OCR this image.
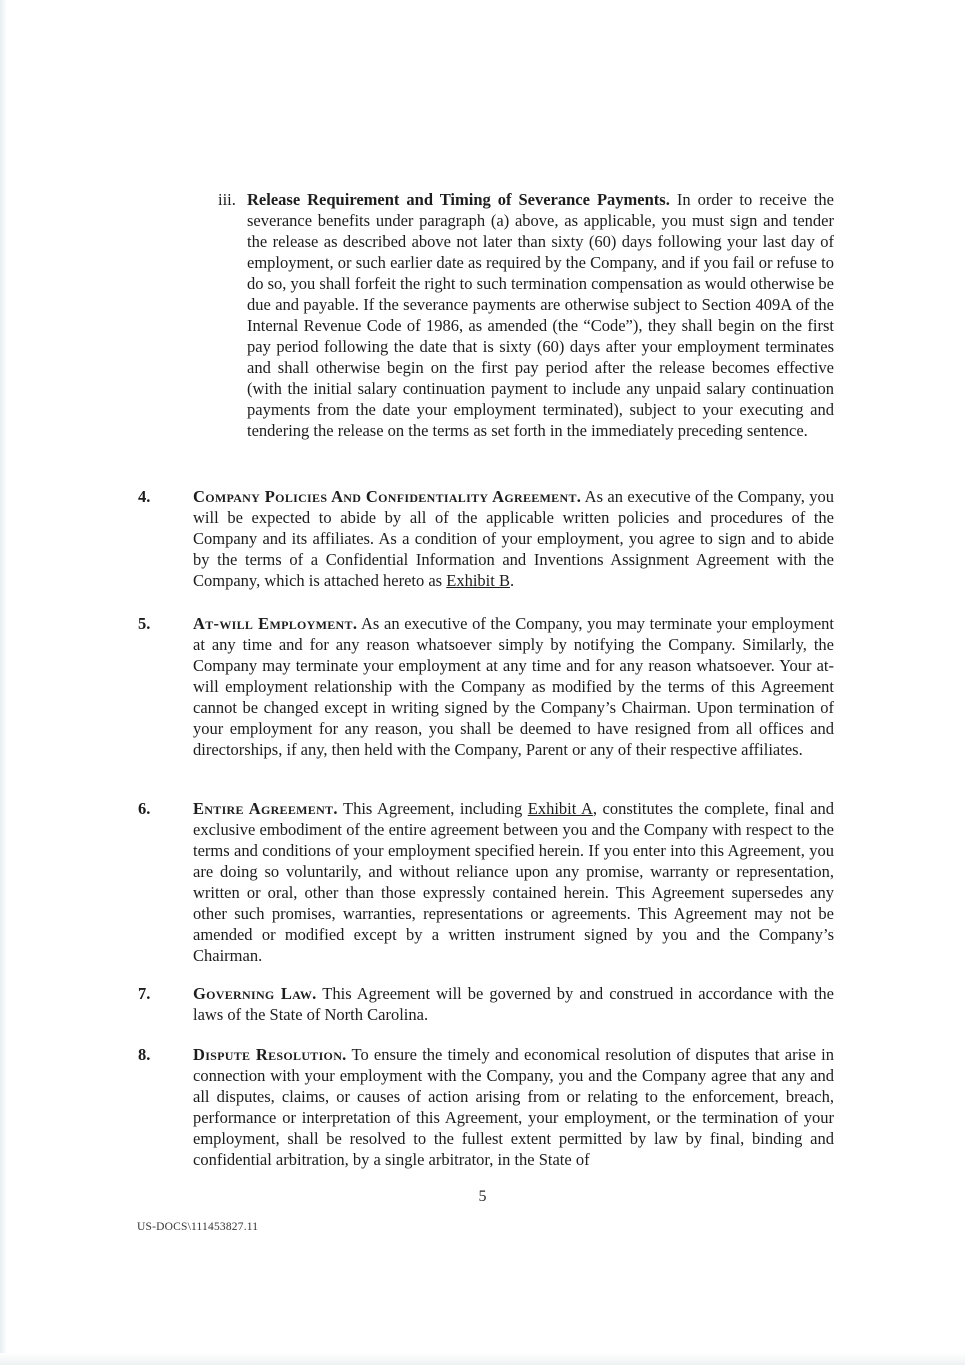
iii. Release Requirement and Timing of Severance Payments. In order to receive the severance benefits under paragraph (a) above, as applicable, you must sign and tender the release as described above not later than sixty (60) days following your last day of employment, or such earlier date as required by the Company, and if you fail or refuse to do so, you shall forfeit the right to such termination compensation as would otherwise be due and payable. If the severance payments are otherwise subject to Section 409A of the Internal Revenue Code of 1986, as amended (the “Code”), they shall begin on the first pay period following the date that is sixty (60) days after your employment terminates and shall otherwise begin on the first pay period after the release becomes effective (with the initial salary continuation payment to include any unpaid salary continuation payments from the date your employment terminated), subject to your executing and tendering the release on the terms as set forth in the immediately preceding sentence.
4.	Company Policies And Confidentiality Agreement. As an executive of the Company, you will be expected to abide by all of the applicable written policies and procedures of the Company and its affiliates. As a condition of your employment, you agree to sign and to abide by the terms of a Confidential Information and Inventions Assignment Agreement with the Company, which is attached hereto as Exhibit B.
5.	At-will Employment. As an executive of the Company, you may terminate your employment at any time and for any reason whatsoever simply by notifying the Company. Similarly, the Company may terminate your employment at any time and for any reason whatsoever. Your at-will employment relationship with the Company as modified by the terms of this Agreement cannot be changed except in writing signed by the Company’s Chairman. Upon termination of your employment for any reason, you shall be deemed to have resigned from all offices and directorships, if any, then held with the Company, Parent or any of their respective affiliates.
6.	Entire Agreement. This Agreement, including Exhibit A, constitutes the complete, final and exclusive embodiment of the entire agreement between you and the Company with respect to the terms and conditions of your employment specified herein. If you enter into this Agreement, you are doing so voluntarily, and without reliance upon any promise, warranty or representation, written or oral, other than those expressly contained herein. This Agreement supersedes any other such promises, warranties, representations or agreements. This Agreement may not be amended or modified except by a written instrument signed by you and the Company’s Chairman.
7.	Governing Law. This Agreement will be governed by and construed in accordance with the laws of the State of North Carolina.
8.	Dispute Resolution. To ensure the timely and economical resolution of disputes that arise in connection with your employment with the Company, you and the Company agree that any and all disputes, claims, or causes of action arising from or relating to the enforcement, breach, performance or interpretation of this Agreement, your employment, or the termination of your employment, shall be resolved to the fullest extent permitted by law by final, binding and confidential arbitration, by a single arbitrator, in the State of
5
US-DOCS\111453827.11
